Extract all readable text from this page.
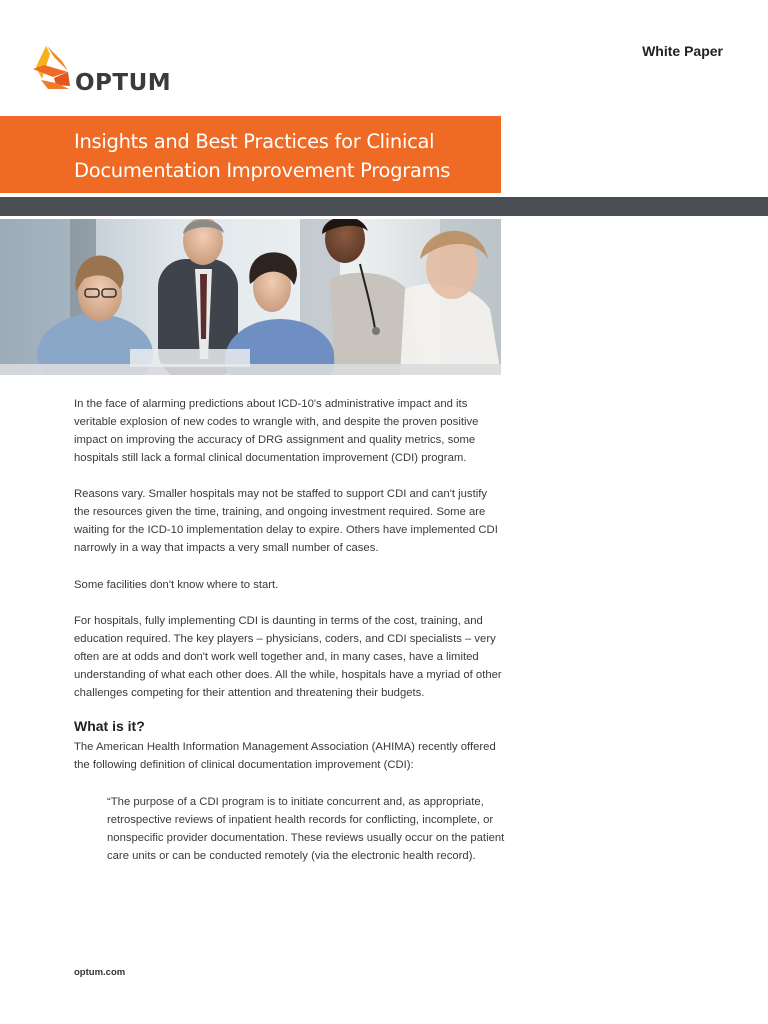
OPTUM
White Paper
Insights and Best Practices for Clinical
Documentation Improvement Programs

In the face of alarming predictions about ICD-10's administrative impact and its veritable explosion of new codes to wrangle with, and despite the proven positive impact on improving the accuracy of DRG assignment and quality metrics, some hospitals still lack a formal clinical documentation improvement (CDI) program.

Reasons vary. Smaller hospitals may not be staffed to support CDI and can't justify the resources given the time, training, and ongoing investment required. Some are waiting for the ICD-10 implementation delay to expire. Others have implemented CDI narrowly in a way that impacts a very small number of cases.

Some facilities don't know where to start.

For hospitals, fully implementing CDI is daunting in terms of the cost, training, and education required. The key players – physicians, coders, and CDI specialists – very often are at odds and don't work well together and, in many cases, have a limited understanding of what each other does. All the while, hospitals have a myriad of other challenges competing for their attention and threatening their budgets.

What is it?

The American Health Information Management Association (AHIMA) recently offered the following definition of clinical documentation improvement (CDI):

“The purpose of a CDI program is to initiate concurrent and, as appropriate, retrospective reviews of inpatient health records for conflicting, incomplete, or nonspecific provider documentation. These reviews usually occur on the patient care units or can be conducted remotely (via the electronic health record).

optum.com
